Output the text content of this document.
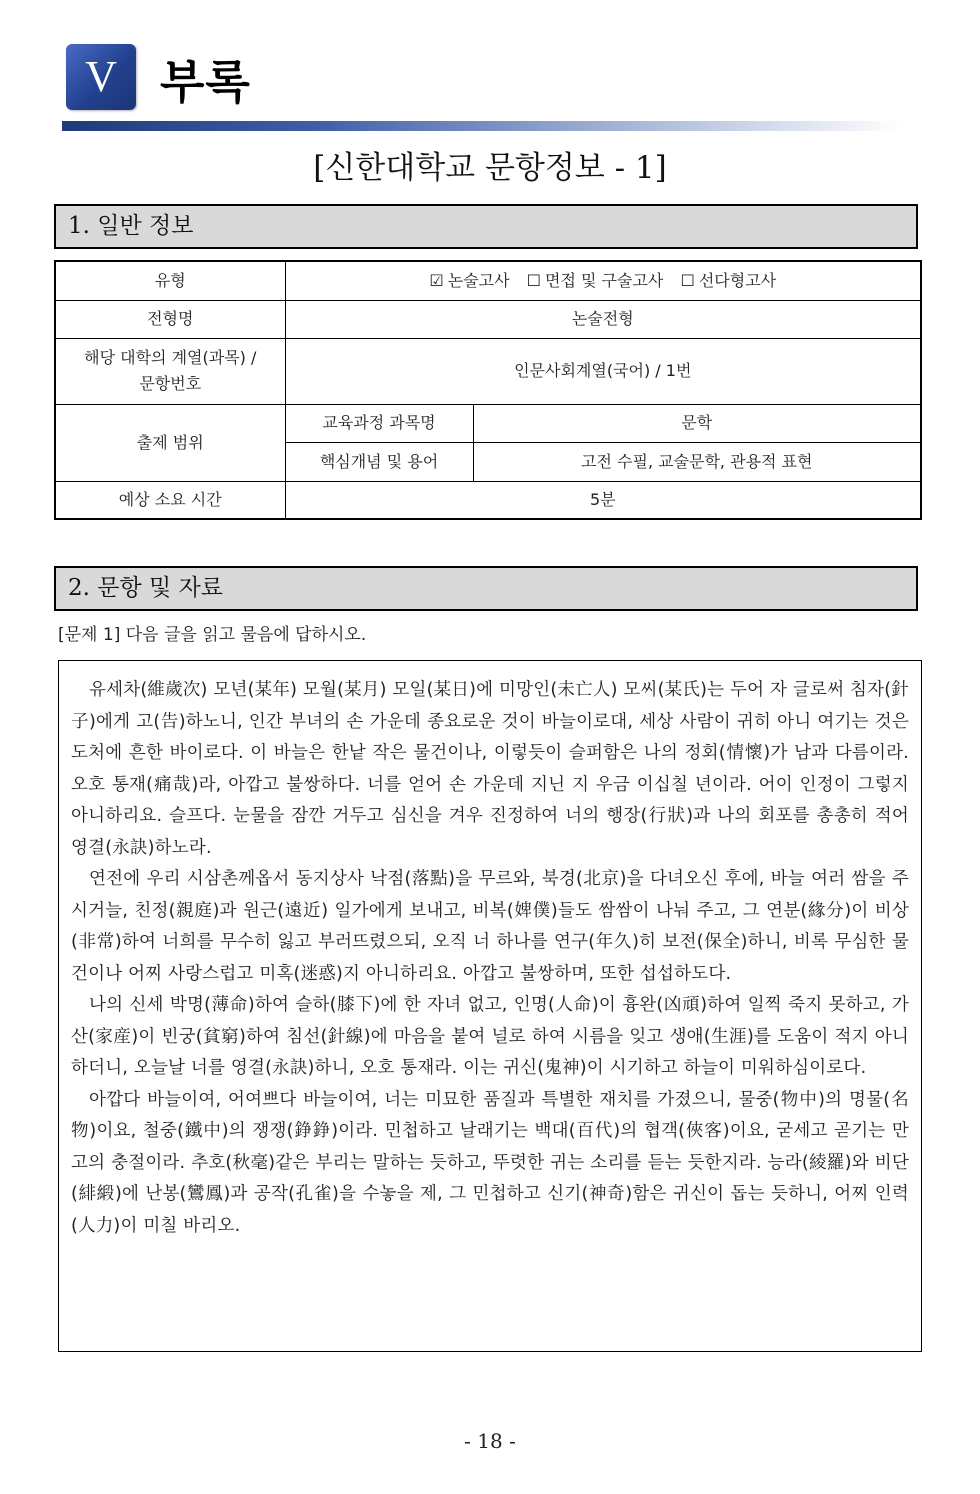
V 부록
[신한대학교 문항정보 - 1]
1. 일반 정보
유형	☑ 논술고사 ☐ 면접 및 구술고사 ☐ 선다형고사	
전형명	논술전형	

해당 대학의 계열(과목) /
문항번호	인문사회계열(국어) / 1번	
출제 범위	교육과정 과목명	문학
	핵심개념 및 용어	고전 수필, 교술문학, 관용적 표현
예상 소요 시간	5분	
2. 문항 및 자료
[문제 1] 다음 글을 읽고 물음에 답하시오.

유세차(維歲次) 모년(某年) 모월(某月) 모일(某日)에 미망인(未亡人) 모씨(某氏)는 두어 자 글로써 침자(針子)에게 고(告)하노니, 인간 부녀의 손 가운데 종요로운 것이 바늘이로대, 세상 사람이 귀히 아니 여기는 것은 도처에 흔한 바이로다. 이 바늘은 한낱 작은 물건이나, 이렇듯이 슬퍼함은 나의 정회(情懷)가 남과 다름이라. 오호 통재(痛哉)라, 아깝고 불쌍하다. 너를 얻어 손 가운데 지닌 지 우금 이십칠 년이라. 어이 인정이 그렇지 아니하리요. 슬프다. 눈물을 잠깐 거두고 심신을 겨우 진정하여 너의 행장(行狀)과 나의 회포를 총총히 적어 영결(永訣)하노라.

연전에 우리 시삼촌께옵서 동지상사 낙점(落點)을 무르와, 북경(北京)을 다녀오신 후에, 바늘 여러 쌈을 주시거늘, 친정(親庭)과 원근(遠近) 일가에게 보내고, 비복(婢僕)들도 쌈쌈이 나눠 주고, 그 연분(緣分)이 비상(非常)하여 너희를 무수히 잃고 부러뜨렸으되, 오직 너 하나를 연구(年久)히 보전(保全)하니, 비록 무심한 물건이나 어찌 사랑스럽고 미혹(迷惑)지 아니하리요. 아깝고 불쌍하며, 또한 섭섭하도다.

나의 신세 박명(薄命)하여 슬하(膝下)에 한 자녀 없고, 인명(人命)이 흉완(凶頑)하여 일찍 죽지 못하고, 가산(家産)이 빈궁(貧窮)하여 침선(針線)에 마음을 붙여 널로 하여 시름을 잊고 생애(生涯)를 도움이 적지 아니하더니, 오늘날 너를 영결(永訣)하니, 오호 통재라. 이는 귀신(鬼神)이 시기하고 하늘이 미워하심이로다.

아깝다 바늘이여, 어여쁘다 바늘이여, 너는 미묘한 품질과 특별한 재치를 가졌으니, 물중(物中)의 명물(名物)이요, 철중(鐵中)의 쟁쟁(錚錚)이라. 민첩하고 날래기는 백대(百代)의 협객(俠客)이요, 굳세고 곧기는 만고의 충절이라. 추호(秋毫)같은 부리는 말하는 듯하고, 뚜렷한 귀는 소리를 듣는 듯한지라. 능라(綾羅)와 비단(緋緞)에 난봉(鸞鳳)과 공작(孔雀)을 수놓을 제, 그 민첩하고 신기(神奇)함은 귀신이 돕는 듯하니, 어찌 인력(人力)이 미칠 바리오.

- 18 -
